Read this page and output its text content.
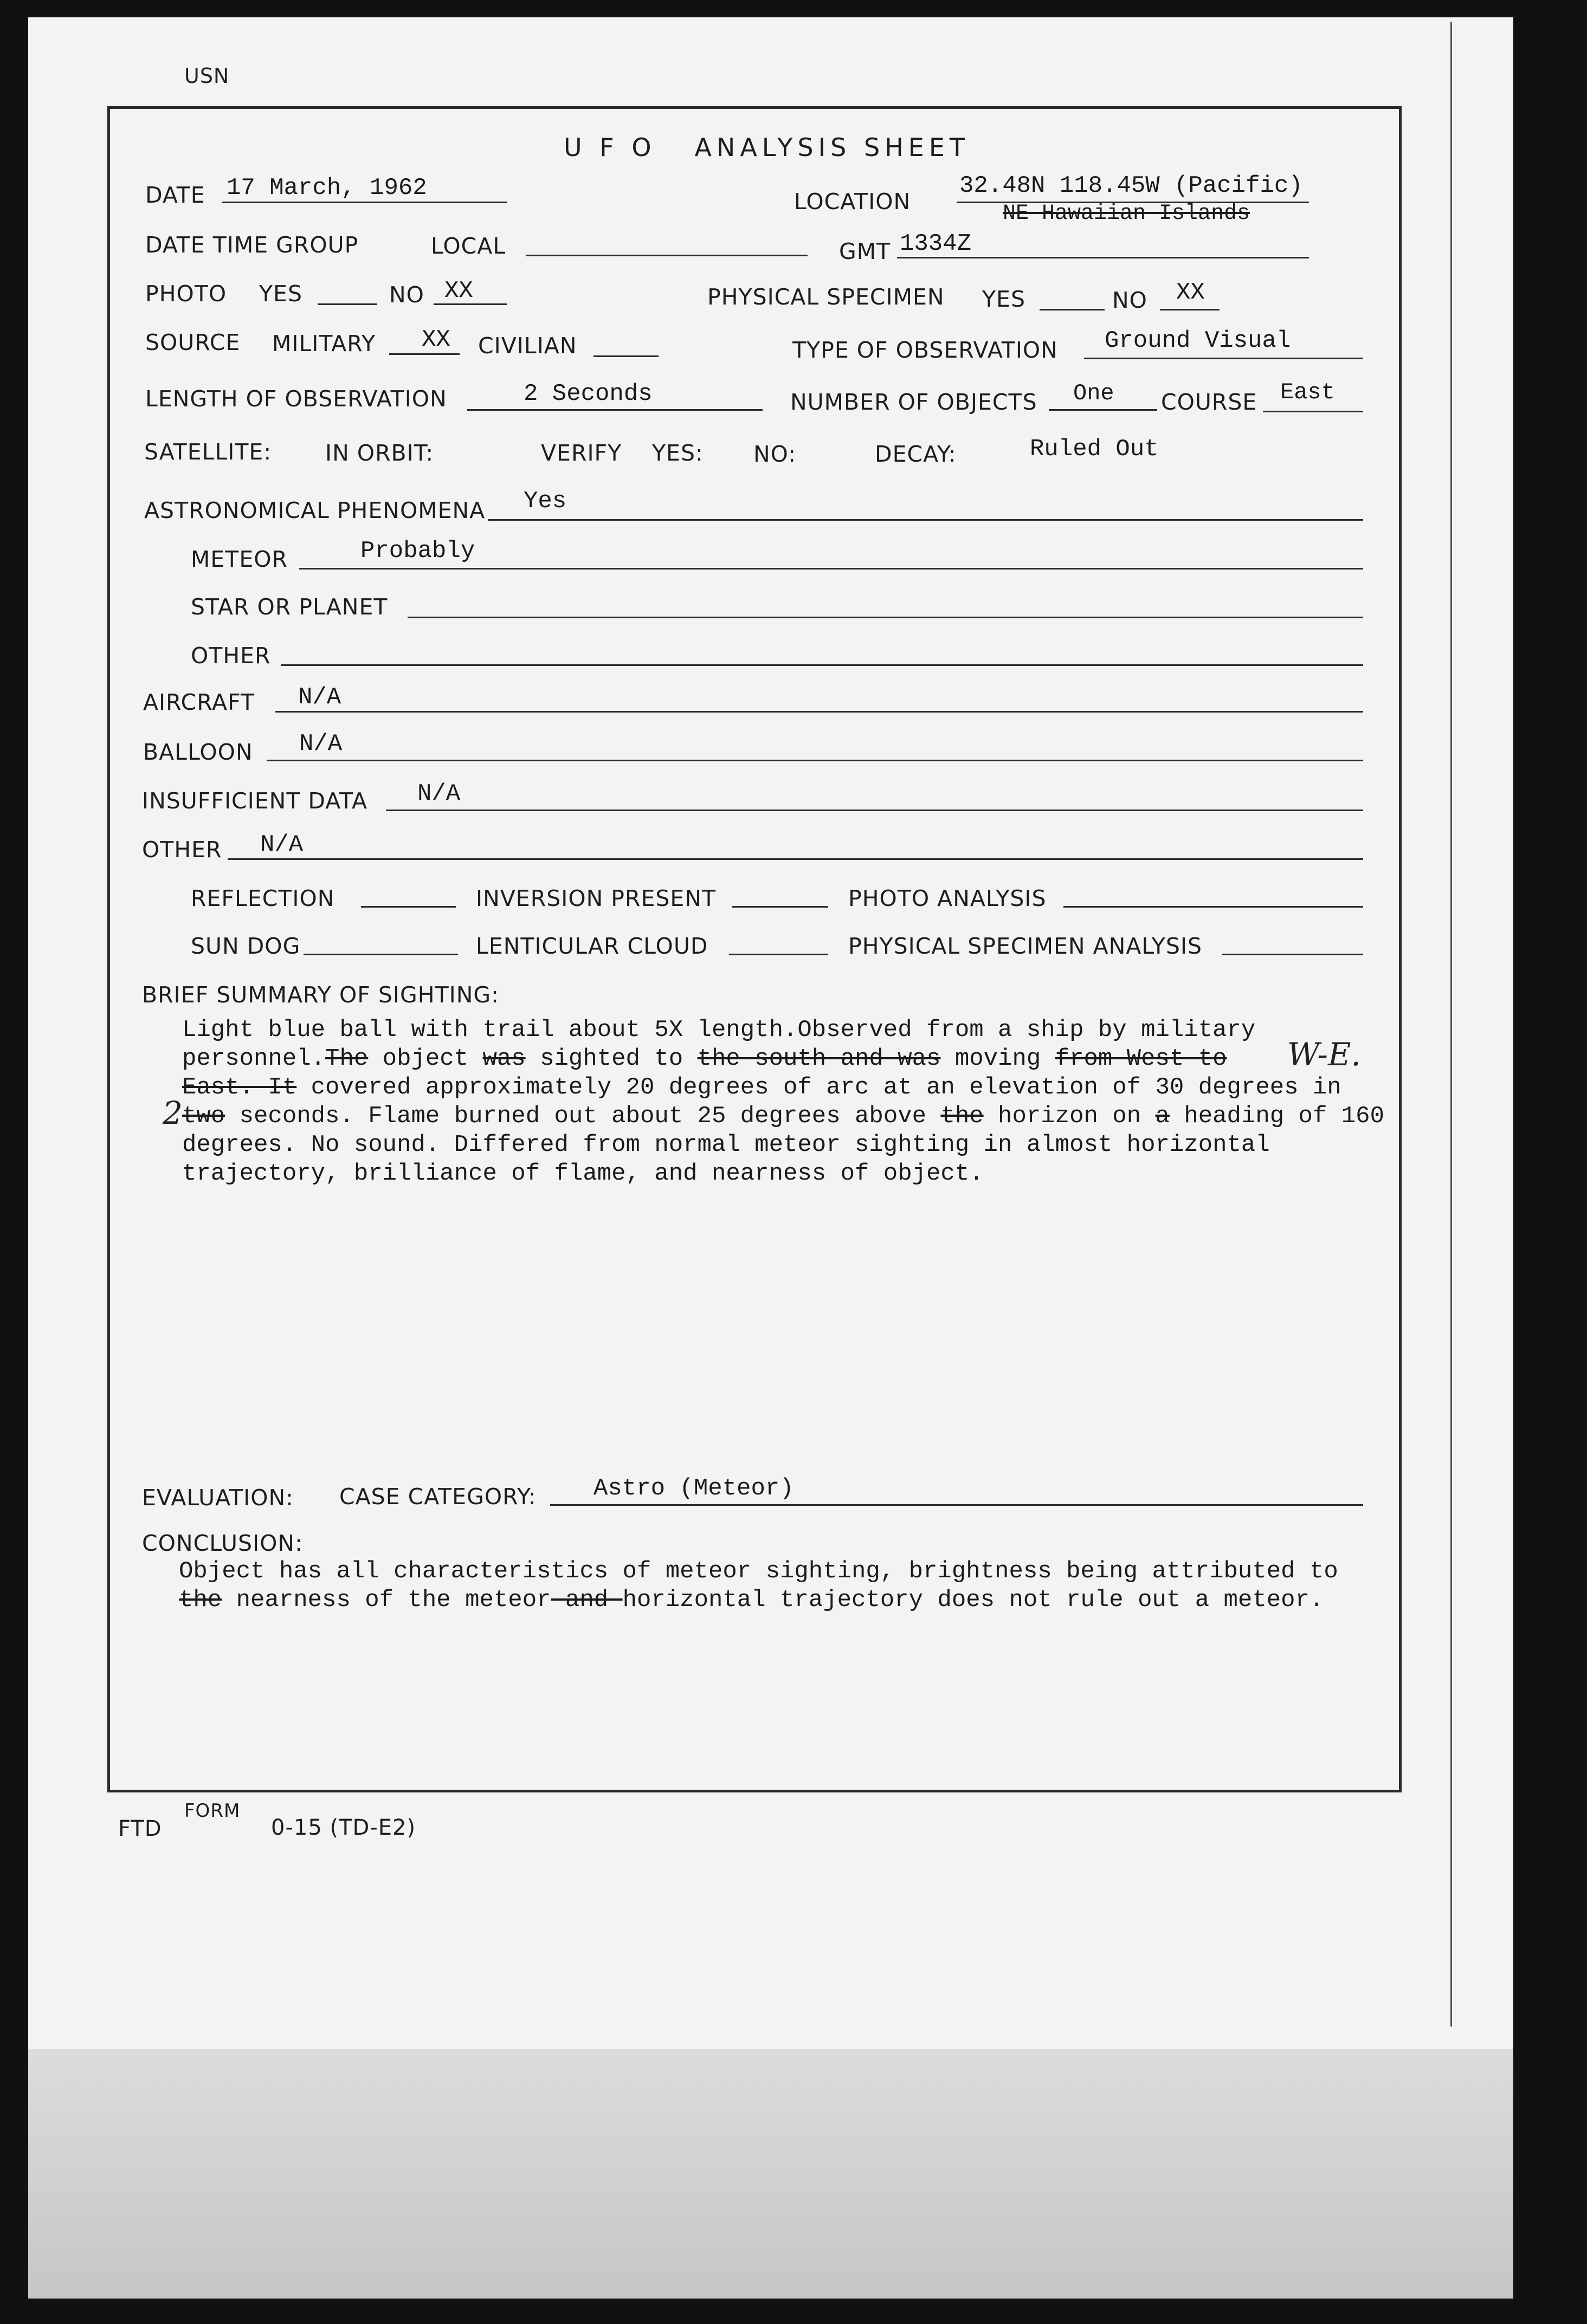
USN
U F O   ANALYSIS SHEET
DATE 17 March, 1962	LOCATION
32.48N 118.45W (Pacific)
NE Hawaiian Islands
DATE TIME GROUP	LOCAL	GMT 1334Z
PHOTO YES	NO XX	PHYSICAL SPECIMEN YES	NO XX
SOURCE MILITARY XX CIVILIAN	TYPE OF OBSERVATION Ground Visual
LENGTH OF OBSERVATION	2 Seconds	NUMBER OF OBJECTS One COURSE East
SATELLITE: IN ORBIT:	VERIFY YES: NO:	DECAY:	Ruled Out
ASTRONOMICAL PHENOMENA Yes
METEOR	Probably
STAR OR PLANET
OTHER
AIRCRAFT N/A
BALLOON N/A
INSUFFICIENT DATA N/A
OTHER N/A
REFLECTION	INVERSION PRESENT	PHOTO ANALYSIS
SUN DOG	LENTICULAR CLOUD	PHYSICAL SPECIMEN ANALYSIS
BRIEF SUMMARY OF SIGHTING:
Light blue ball with trail about 5X length.Observed from a ship by military
personnel.The object was sighted to the south and was moving from West to
East. It covered approximately 20 degrees of arc at an elevation of 30 degrees in
two seconds. Flame burned out about 25 degrees above the horizon on a heading of 160
degrees. No sound. Differed from normal meteor sighting in almost horizontal
trajectory, brilliance of flame, and nearness of object.
W-E.
2
EVALUATION: CASE CATEGORY: Astro (Meteor)
CONCLUSION:
Object has all characteristics of meteor sighting, brightness being attributed to
the nearness of the meteor and horizontal trajectory does not rule out a meteor.
FTD
FORM
0-15 (TD-E2)
